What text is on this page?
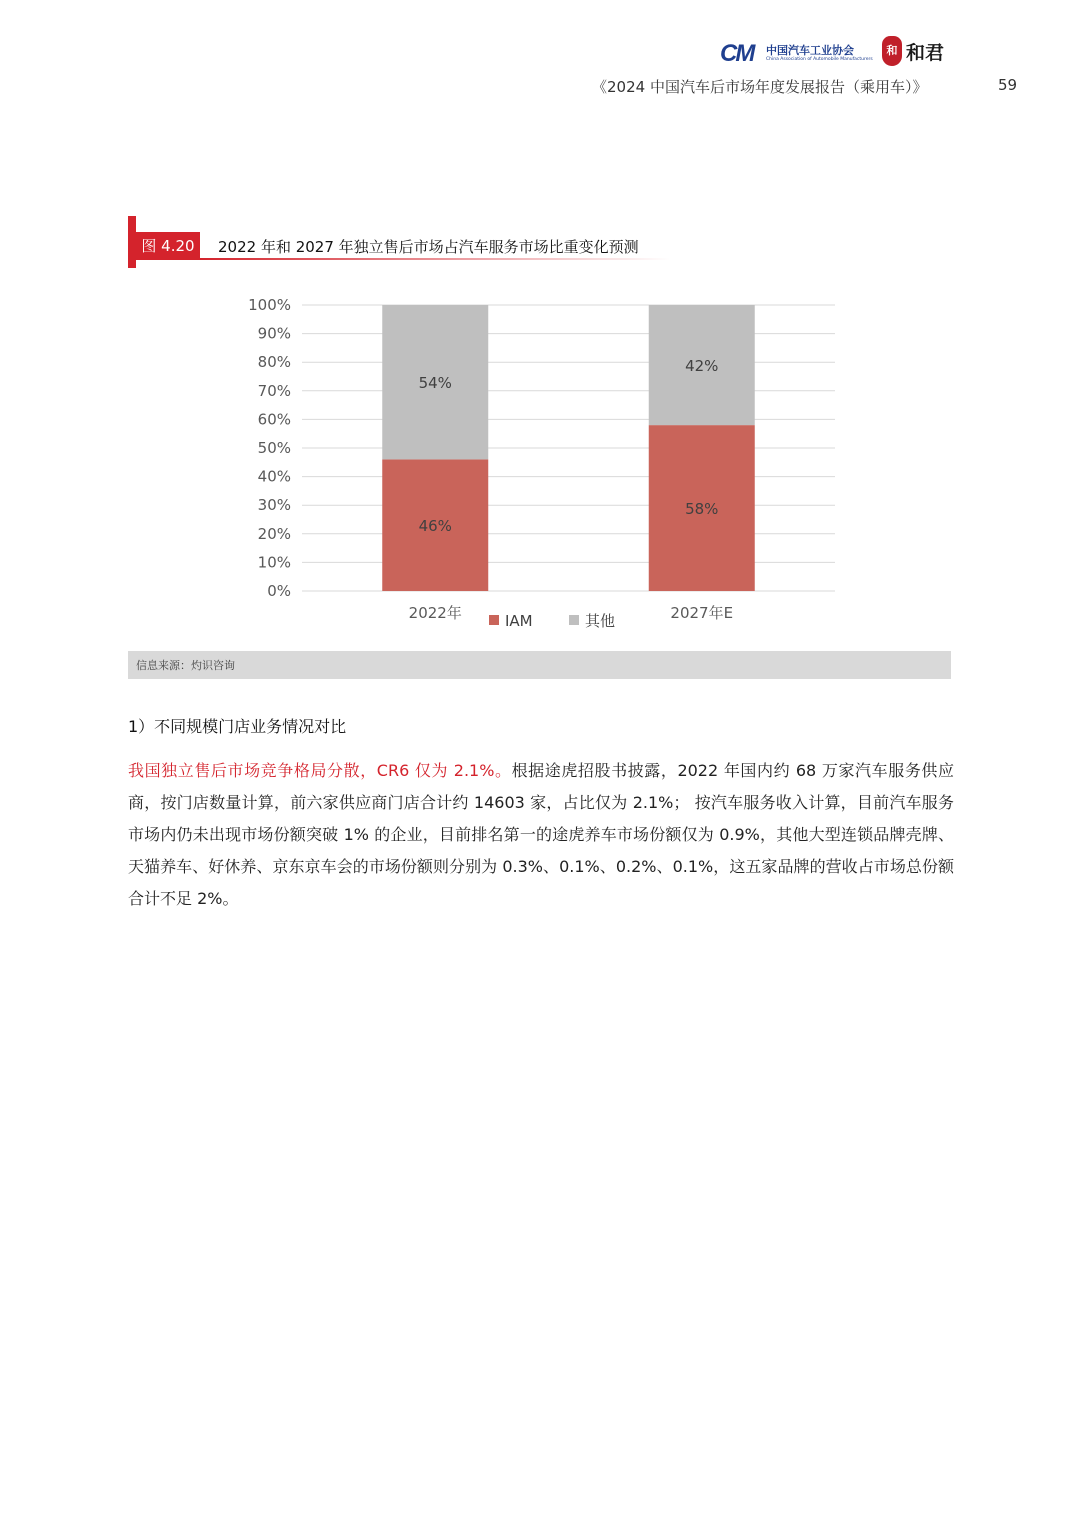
CM 中国汽车工业协会
China Association of Automobile Manufacturers
和 和君
《2024 中国汽车后市场年度发展报告（乘用车）》	59
图 4.20	2022 年和 2027 年独立售后市场占汽车服务市场比重变化预测
0%
10%
20%
30%
40%
50%
60%
70%
80%
90%
100%
46%
54%
2022年
58%
42%
2027年E
IAM	其他
信息来源：灼识咨询
1）不同规模门店业务情况对比

我国独立售后市场竞争格局分散，CR6 仅为 2.1%。根据途虎招股书披露，2022 年国内约 68 万家汽车服务供应商，按门店数量计算，前六家供应商门店合计约 14603 家，占比仅为 2.1%； 按汽车服务收入计算，目前汽车服务市场内仍未出现市场份额突破 1% 的企业，目前排名第一的途虎养车市场份额仅为 0.9%，其他大型连锁品牌壳牌、天猫养车、好休养、京东京车会的市场份额则分别为 0.3%、0.1%、0.2%、0.1%，这五家品牌的营收占市场总份额合计不足 2%。
